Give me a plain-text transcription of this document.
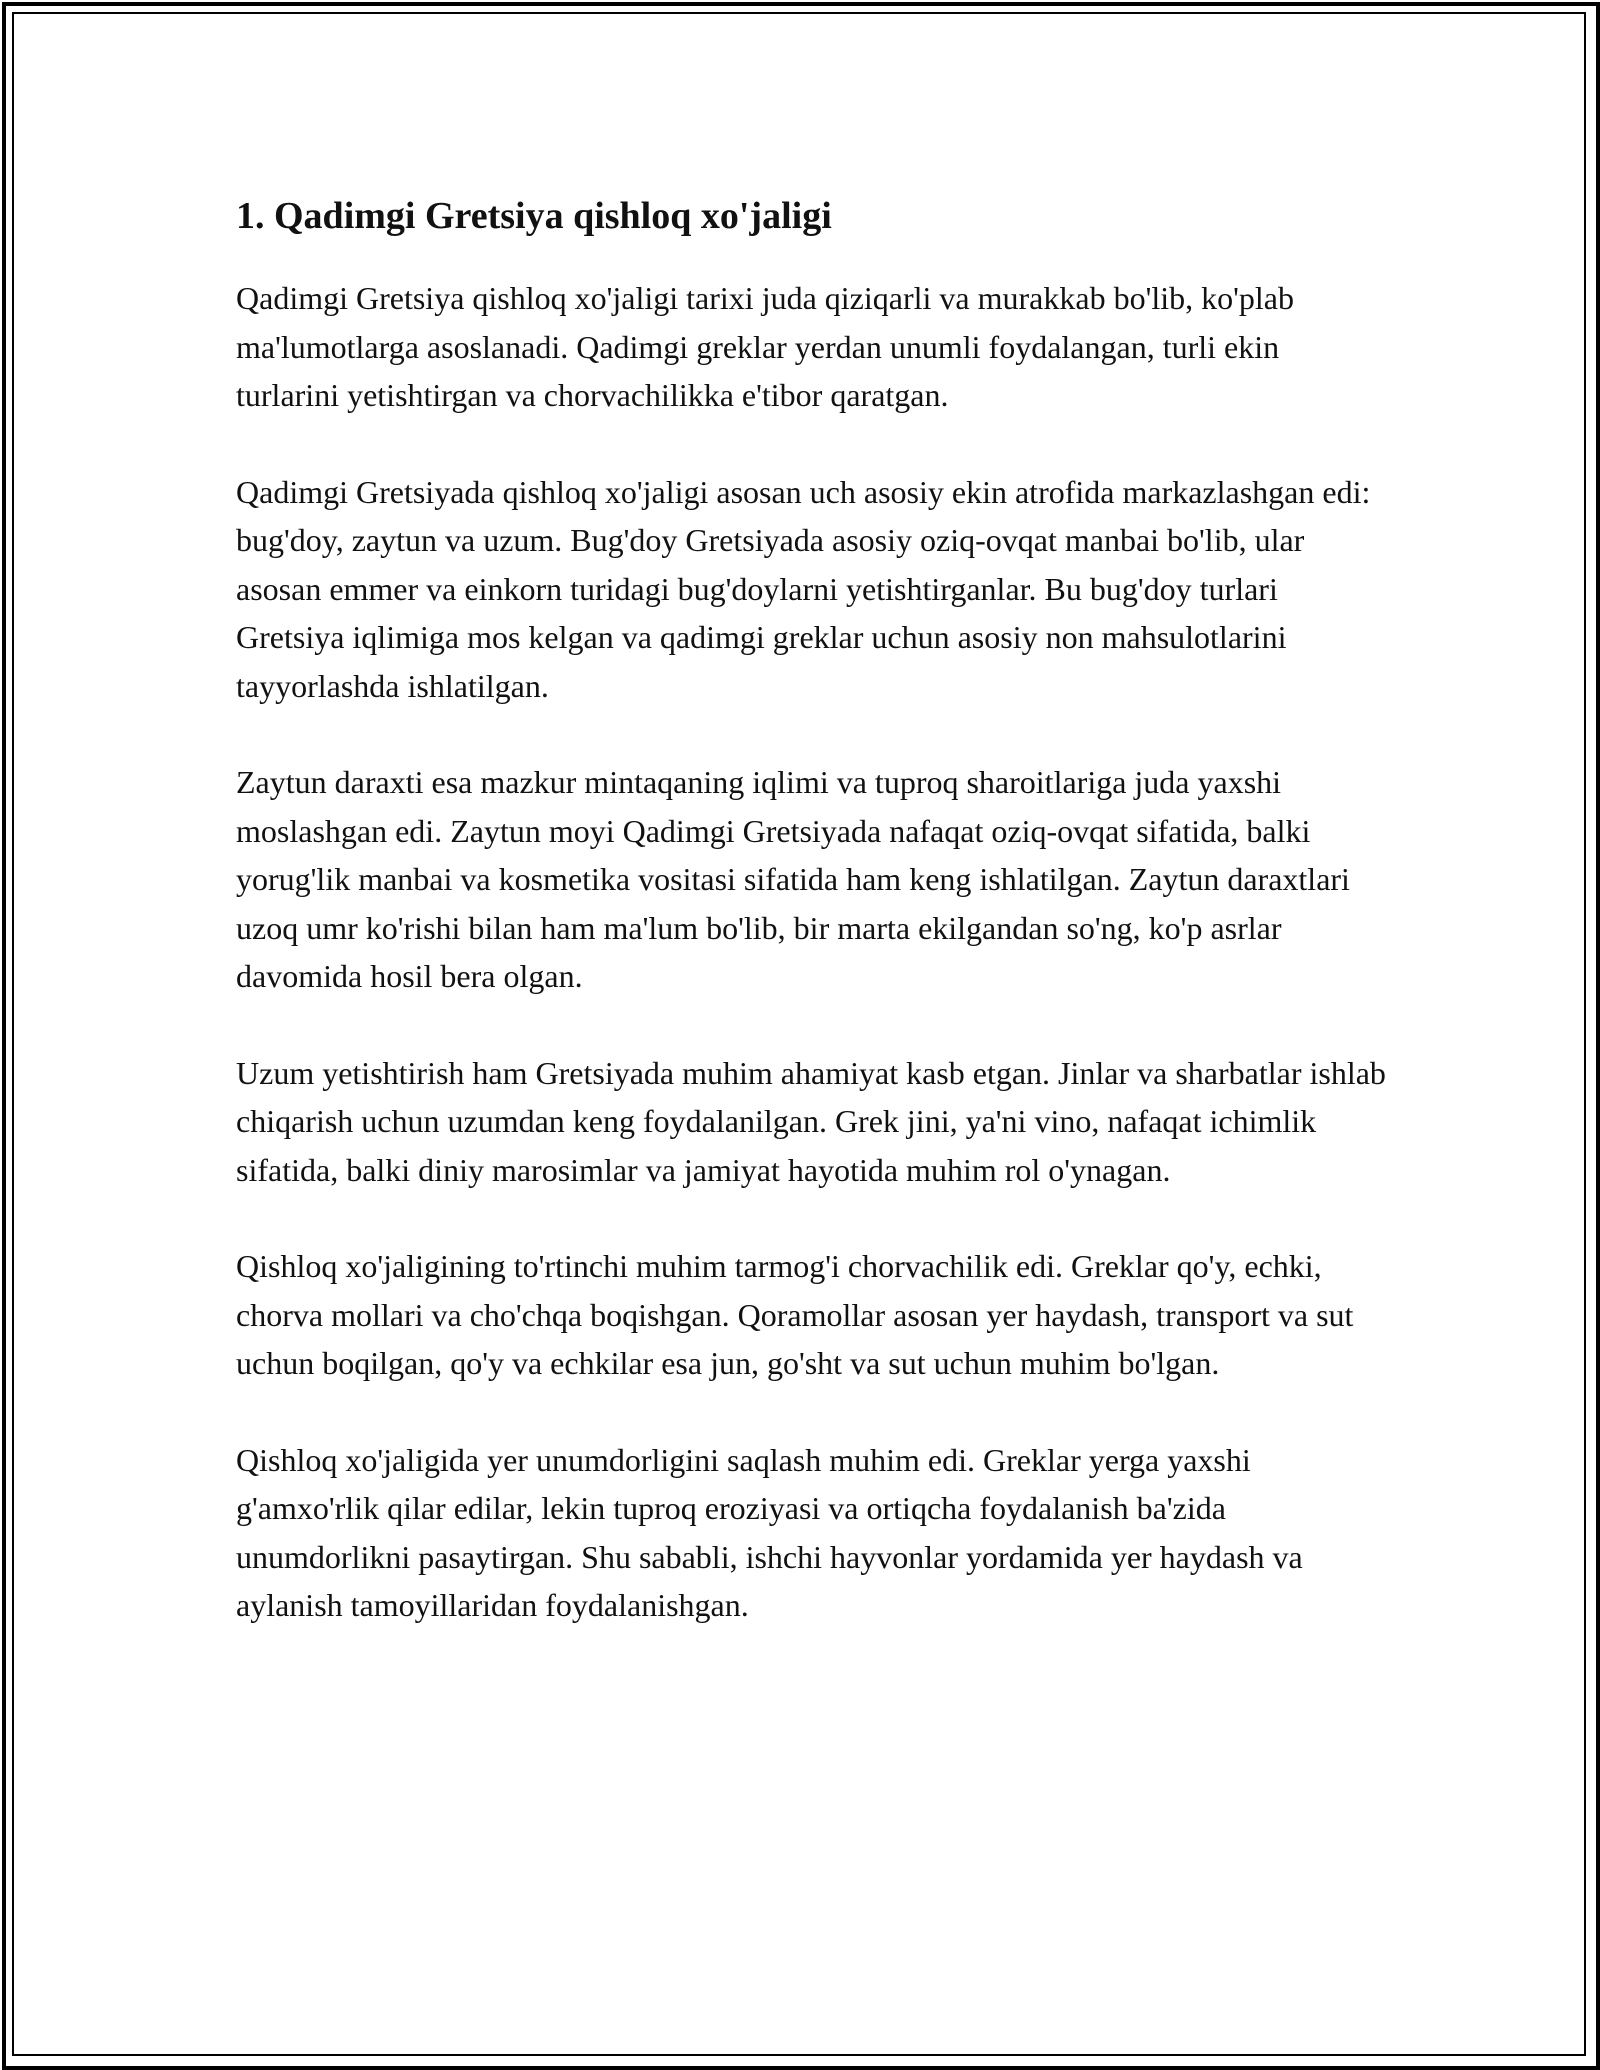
1. Qadimgi Gretsiya qishloq xo'jaligi

Qadimgi Gretsiya qishloq xo'jaligi tarixi juda qiziqarli va murakkab bo'lib, ko'plab ma'lumotlarga asoslanadi. Qadimgi greklar yerdan unumli foydalangan, turli ekin turlarini yetishtirgan va chorvachilikka e'tibor qaratgan.

Qadimgi Gretsiyada qishloq xo'jaligi asosan uch asosiy ekin atrofida markazlashgan edi: bug'doy, zaytun va uzum. Bug'doy Gretsiyada asosiy oziq-ovqat manbai bo'lib, ular asosan emmer va einkorn turidagi bug'doylarni yetishtirganlar. Bu bug'doy turlari Gretsiya iqlimiga mos kelgan va qadimgi greklar uchun asosiy non mahsulotlarini tayyorlashda ishlatilgan.

Zaytun daraxti esa mazkur mintaqaning iqlimi va tuproq sharoitlariga juda yaxshi moslashgan edi. Zaytun moyi Qadimgi Gretsiyada nafaqat oziq-ovqat sifatida, balki yorug'lik manbai va kosmetika vositasi sifatida ham keng ishlatilgan. Zaytun daraxtlari uzoq umr ko'rishi bilan ham ma'lum bo'lib, bir marta ekilgandan so'ng, ko'p asrlar davomida hosil bera olgan.

Uzum yetishtirish ham Gretsiyada muhim ahamiyat kasb etgan. Jinlar va sharbatlar ishlab chiqarish uchun uzumdan keng foydalanilgan. Grek jini, ya'ni vino, nafaqat ichimlik sifatida, balki diniy marosimlar va jamiyat hayotida muhim rol o'ynagan.

Qishloq xo'jaligining to'rtinchi muhim tarmog'i chorvachilik edi. Greklar qo'y, echki, chorva mollari va cho'chqa boqishgan. Qoramollar asosan yer haydash, transport va sut uchun boqilgan, qo'y va echkilar esa jun, go'sht va sut uchun muhim bo'lgan.

Qishloq xo'jaligida yer unumdorligini saqlash muhim edi. Greklar yerga yaxshi g'amxo'rlik qilar edilar, lekin tuproq eroziyasi va ortiqcha foydalanish ba'zida unumdorlikni pasaytirgan. Shu sababli, ishchi hayvonlar yordamida yer haydash va aylanish tamoyillaridan foydalanishgan.
